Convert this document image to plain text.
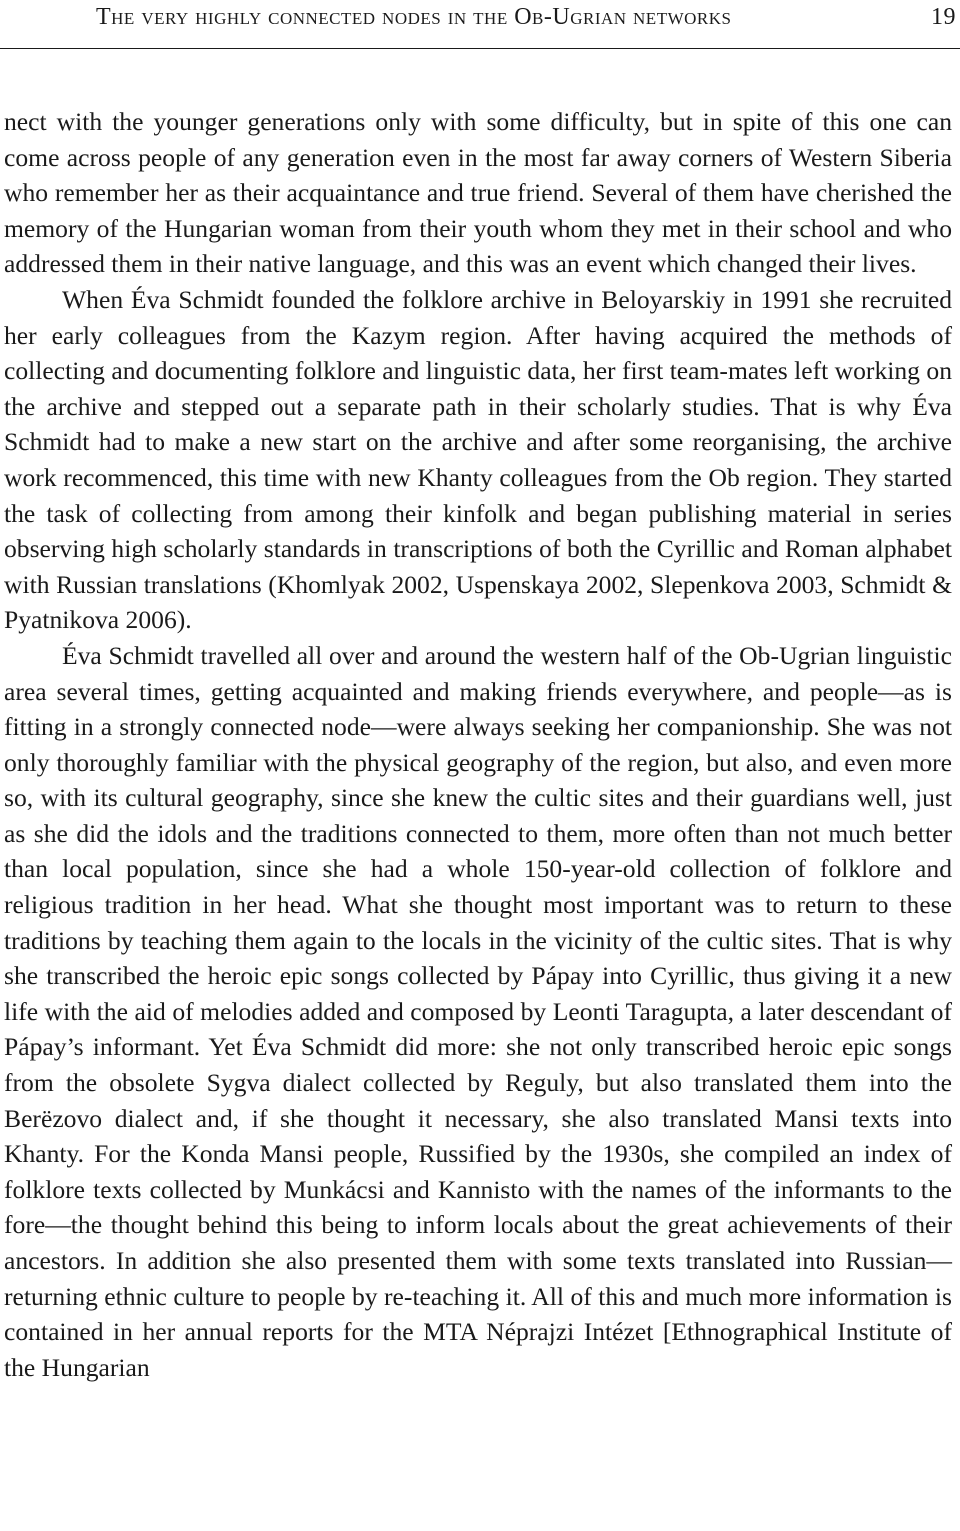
The very highly connected nodes in the Ob-Ugrian networks	19

nect with the younger generations only with some difficulty, but in spite of this one can come across people of any generation even in the most far away corners of Western Siberia who remember her as their acquaintance and true friend. Several of them have cherished the memory of the Hungarian woman from their youth whom they met in their school and who addressed them in their native language, and this was an event which changed their lives.

When Éva Schmidt founded the folklore archive in Beloyarskiy in 1991 she recruited her early colleagues from the Kazym region. After having acquired the methods of collecting and documenting folklore and linguistic data, her first team-mates left working on the archive and stepped out a separate path in their scholarly studies. That is why Éva Schmidt had to make a new start on the archive and after some reorganising, the archive work recommenced, this time with new Khanty colleagues from the Ob region. They started the task of collecting from among their kinfolk and began publishing material in series observing high scholarly standards in transcriptions of both the Cyrillic and Roman alphabet with Russian translations (Khomlyak 2002, Uspenskaya 2002, Slepenkova 2003, Schmidt & Pyatnikova 2006).

Éva Schmidt travelled all over and around the western half of the Ob-Ugrian linguistic area several times, getting acquainted and making friends everywhere, and people—as is fitting in a strongly connected node—were always seeking her companionship. She was not only thoroughly familiar with the physical geography of the region, but also, and even more so, with its cultural geography, since she knew the cultic sites and their guardians well, just as she did the idols and the traditions connected to them, more often than not much better than local population, since she had a whole 150-year-old collection of folklore and religious tradition in her head. What she thought most important was to return to these traditions by teaching them again to the locals in the vicinity of the cultic sites. That is why she transcribed the heroic epic songs collected by Pápay into Cyrillic, thus giving it a new life with the aid of melodies added and composed by Leonti Taragupta, a later descendant of Pápay’s informant. Yet Éva Schmidt did more: she not only transcribed heroic epic songs from the obsolete Sygva dialect collected by Reguly, but also translated them into the Berëzovo dialect and, if she thought it necessary, she also translated Mansi texts into Khanty. For the Konda Mansi people, Russified by the 1930s, she compiled an index of folklore texts collected by Munkácsi and Kannisto with the names of the informants to the fore—the thought behind this being to inform locals about the great achievements of their ancestors. In addition she also presented them with some texts translated into Russian—returning ethnic culture to people by re-teaching it. All of this and much more information is contained in her annual reports for the MTA Néprajzi Intézet [Ethnographical Institute of the Hungarian
